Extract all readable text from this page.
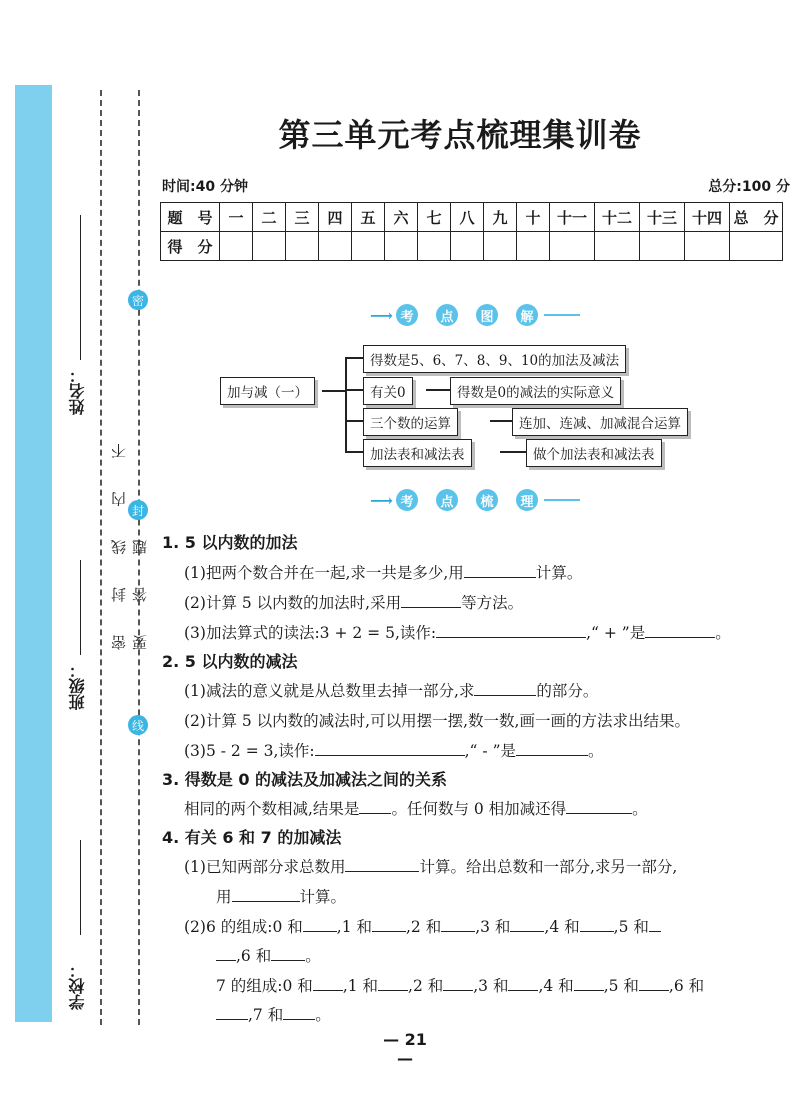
学校：
班级：
姓名：
密 封 线 内 不 要 答 题
密
封
线
第三单元考点梳理集训卷
时间:40 分钟	总分:100 分
题　号	一	二	三	四	五	六	七	八	九	十	十一	十二	十三	十四	总　分
得　分															
⟶ 考	点	图	解
加与减（一）
得数是5、6、7、8、9、10的加法及减法
有关0	得数是0的减法的实际意义
三个数的运算	连加、连减、加减混合运算
加法表和减法表	做个加法表和减法表
⟶ 考	点	梳	理
1. 5 以内数的加法
(1)把两个数合并在一起,求一共是多少,用	计算。
(2)计算 5 以内数的加法时,采用	等方法。
(3)加法算式的读法:3 + 2 = 5,读作:	,“ + ”是	。
2. 5 以内数的减法
(1)减法的意义就是从总数里去掉一部分,求	的部分。
(2)计算 5 以内数的减法时,可以用摆一摆,数一数,画一画的方法求出结果。
(3)5 - 2 = 3,读作:	,“ - ”是	。
3. 得数是 0 的减法及加减法之间的关系
相同的两个数相减,结果是 。任何数与 0 相加减还得	。
4. 有关 6 和 7 的加减法
(1)已知两部分求总数用	计算。给出总数和一部分,求另一部分,
用	计算。
(2)6 的组成:0 和 ,1 和 ,2 和 ,3 和 ,4 和 ,5 和
,6 和 。
7 的组成:0 和 ,1 和 ,2 和 ,3 和 ,4 和 ,5 和 ,6 和
,7 和 。
— 21 —
